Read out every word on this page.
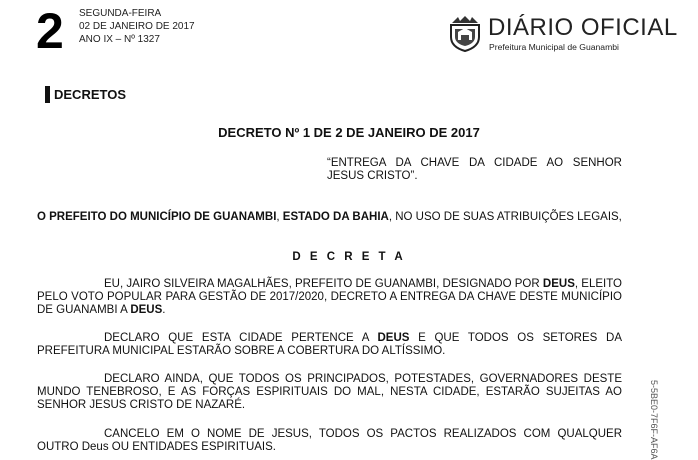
2 SEGUNDA-FEIRA
02 DE JANEIRO DE 2017
ANO IX – Nº 1327	DIÁRIO OFICIAL
Prefeitura Municipal de Guanambi
DECRETOS
DECRETO Nº 1 DE 2 DE JANEIRO DE 2017
“ENTREGA DA CHAVE DA CIDADE AO SENHOR JESUS CRISTO”.

O PREFEITO DO MUNICÍPIO DE GUANAMBI, ESTADO DA BAHIA, NO USO DE SUAS ATRIBUIÇÕES LEGAIS,

D E C R E T A

EU, JAIRO SILVEIRA MAGALHÃES, PREFEITO DE GUANAMBI, DESIGNADO POR DEUS, ELEITO PELO VOTO POPULAR PARA GESTÃO DE 2017/2020, DECRETO A ENTREGA DA CHAVE DESTE MUNICÍPIO DE GUANAMBI A DEUS.

DECLARO QUE ESTA CIDADE PERTENCE A DEUS E QUE TODOS OS SETORES DA PREFEITURA MUNICIPAL ESTARÃO SOBRE A COBERTURA DO ALTÍSSIMO.

DECLARO AINDA, QUE TODOS OS PRINCIPADOS, POTESTADES, GOVERNADORES DESTE MUNDO TENEBROSO, E AS FORÇAS ESPIRITUAIS DO MAL, NESTA CIDADE, ESTARÃO SUJEITAS AO SENHOR JESUS CRISTO DE NAZARÉ.

CANCELO EM O NOME DE JESUS, TODOS OS PACTOS REALIZADOS COM QUALQUER OUTRO Deus OU ENTIDADES ESPIRITUAIS.	5-5BE0-7F6F-AF6A
